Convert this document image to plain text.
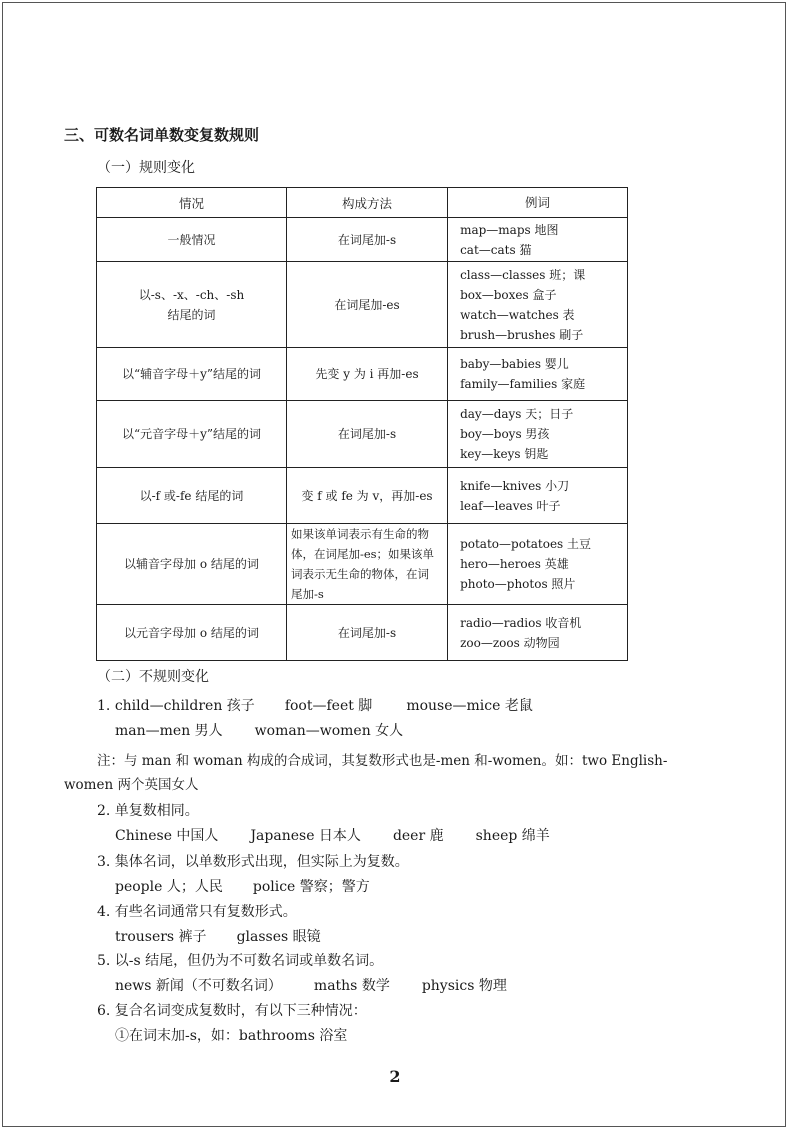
三、可数名词单数变复数规则
（一）规则变化
情况	构成方法	例词

一般情况	在词尾加-s	map—maps 地图
cat—cats 猫

以-s、-x、-ch、-sh
结尾的词	在词尾加-es	class—classes 班；课
box—boxes 盒子
watch—watches 表
brush—brushes 刷子

以“辅音字母＋y”结尾的词	先变 y 为 i 再加-es	baby—babies 婴儿
family—families 家庭

以“元音字母＋y”结尾的词	在词尾加-s	day—days 天；日子
boy—boys 男孩
key—keys 钥匙

以-f 或-fe 结尾的词	变 f 或 fe 为 v，再加-es	knife—knives 小刀
leaf—leaves 叶子

以辅音字母加 o 结尾的词	如果该单词表示有生命的物
体，在词尾加-es；如果该单
词表示无生命的物体，在词
尾加-s	potato—potatoes 土豆
hero—heroes 英雄
photo—photos 照片

以元音字母加 o 结尾的词	在词尾加-s	radio—radios 收音机
zoo—zoos 动物园
（二）不规则变化
1. child—children 孩子 foot—feet 脚 mouse—mice 老鼠
man—men 男人 woman—women 女人
注：与 man 和 woman 构成的合成词，其复数形式也是-men 和-women。如：two English-
women 两个英国女人
2. 单复数相同。
Chinese 中国人 Japanese 日本人 deer 鹿 sheep 绵羊
3. 集体名词，以单数形式出现，但实际上为复数。
people 人；人民 police 警察；警方
4. 有些名词通常只有复数形式。
trousers 裤子 glasses 眼镜
5. 以-s 结尾，但仍为不可数名词或单数名词。
news 新闻（不可数名词） maths 数学 physics 物理
6. 复合名词变成复数时，有以下三种情况：
①在词末加-s，如：bathrooms 浴室
2
